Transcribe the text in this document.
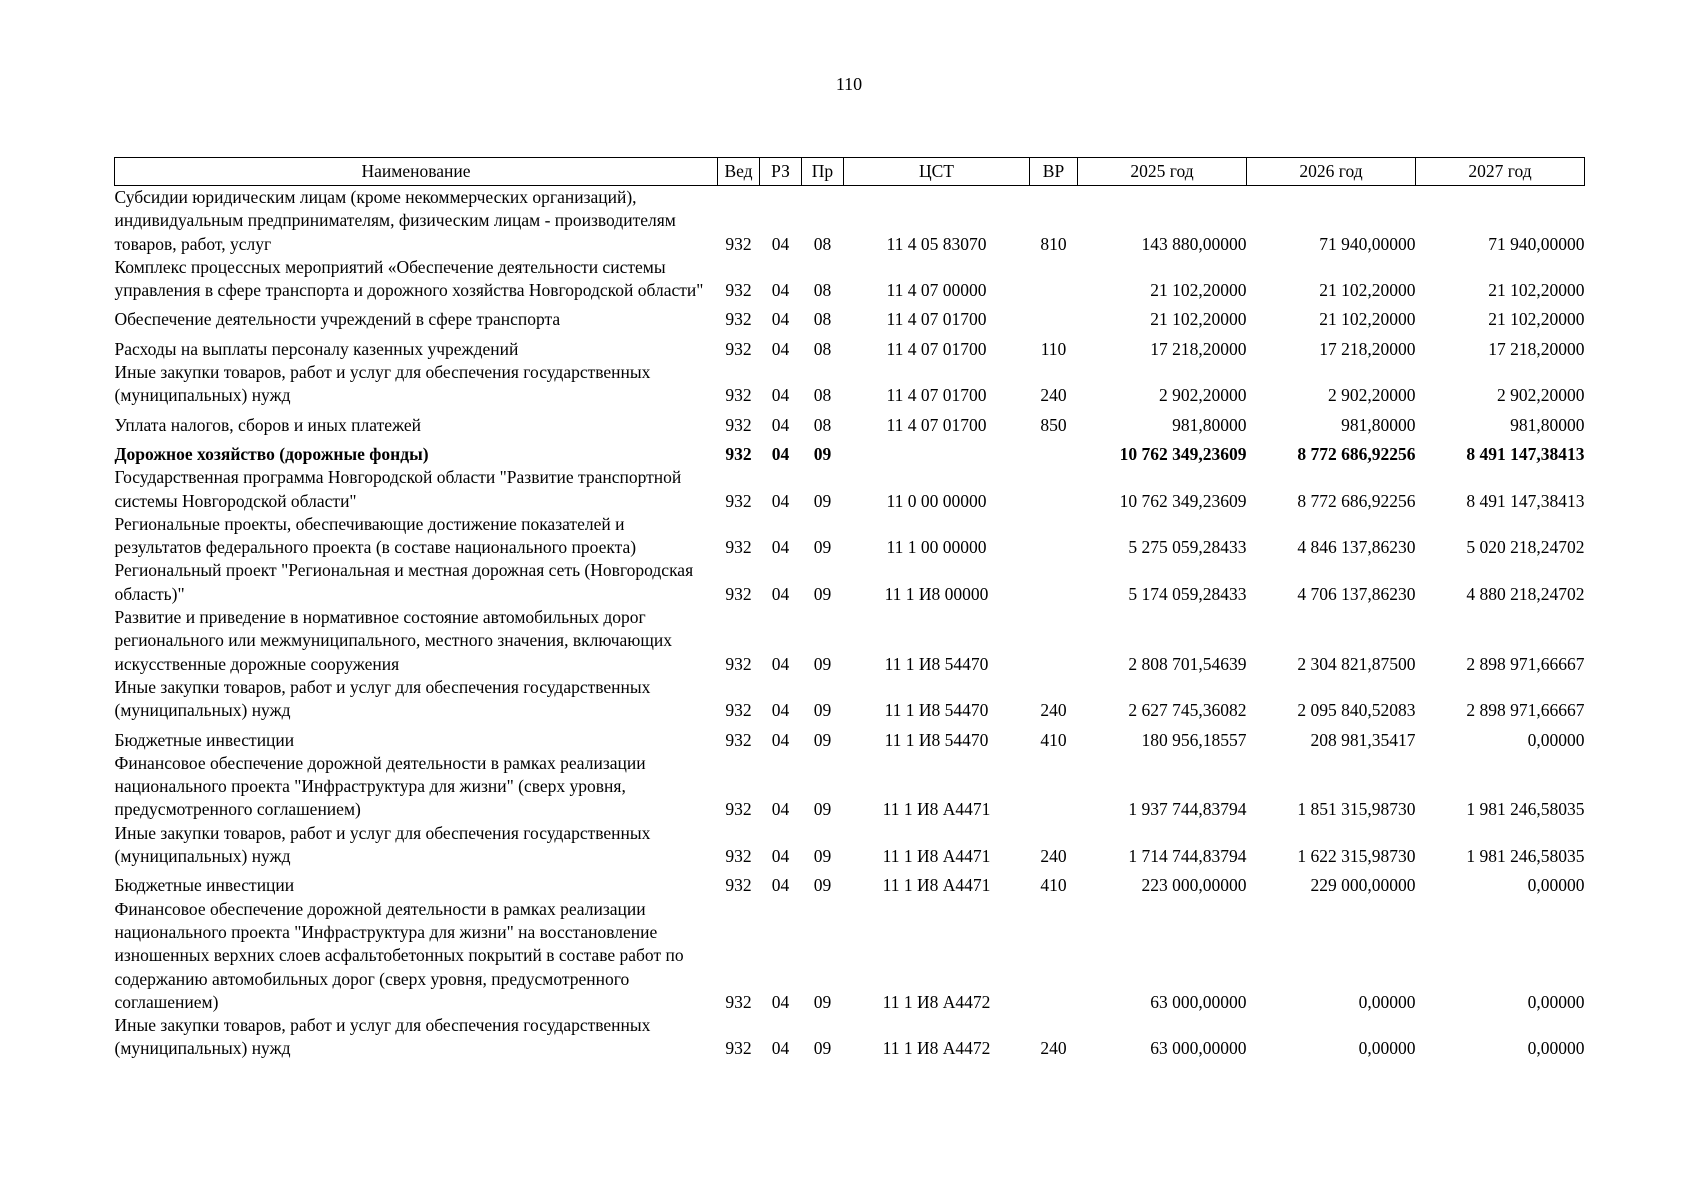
110
Наименование	Вед	РЗ	Пр	ЦСТ	ВР	2025 год	2026 год	2027 год
Субсидии юридическим лицам (кроме некоммерческих организаций), индивидуальным предпринимателям, физическим лицам - производителям товаров, работ, услуг	932	04	08	11 4 05 83070	810	143 880,00000	71 940,00000	71 940,00000
Комплекс процессных мероприятий «Обеспечение деятельности системы управления в сфере транспорта и дорожного хозяйства Новгородской области"	932	04	08	11 4 07 00000		21 102,20000	21 102,20000	21 102,20000
Обеспечение деятельности учреждений в сфере транспорта	932	04	08	11 4 07 01700		21 102,20000	21 102,20000	21 102,20000
Расходы на выплаты персоналу казенных учреждений	932	04	08	11 4 07 01700	110	17 218,20000	17 218,20000	17 218,20000
Иные закупки товаров, работ и услуг для обеспечения государственных (муниципальных) нужд	932	04	08	11 4 07 01700	240	2 902,20000	2 902,20000	2 902,20000
Уплата налогов, сборов и иных платежей	932	04	08	11 4 07 01700	850	981,80000	981,80000	981,80000
Дорожное хозяйство (дорожные фонды)	932	04	09			10 762 349,23609	8 772 686,92256	8 491 147,38413
Государственная программа Новгородской области "Развитие транспортной системы Новгородской области"	932	04	09	11 0 00 00000		10 762 349,23609	8 772 686,92256	8 491 147,38413
Региональные проекты, обеспечивающие достижение показателей и результатов федерального проекта (в составе национального проекта)	932	04	09	11 1 00 00000		5 275 059,28433	4 846 137,86230	5 020 218,24702
Региональный проект "Региональная и местная дорожная сеть (Новгородская область)"	932	04	09	11 1 И8 00000		5 174 059,28433	4 706 137,86230	4 880 218,24702
Развитие и приведение в нормативное состояние автомобильных дорог регионального или межмуниципального, местного значения, включающих искусственные дорожные сооружения	932	04	09	11 1 И8 54470		2 808 701,54639	2 304 821,87500	2 898 971,66667
Иные закупки товаров, работ и услуг для обеспечения государственных (муниципальных) нужд	932	04	09	11 1 И8 54470	240	2 627 745,36082	2 095 840,52083	2 898 971,66667
Бюджетные инвестиции	932	04	09	11 1 И8 54470	410	180 956,18557	208 981,35417	0,00000
Финансовое обеспечение дорожной деятельности в рамках реализации национального проекта "Инфраструктура для жизни" (сверх уровня, предусмотренного соглашением)	932	04	09	11 1 И8 А4471		1 937 744,83794	1 851 315,98730	1 981 246,58035
Иные закупки товаров, работ и услуг для обеспечения государственных (муниципальных) нужд	932	04	09	11 1 И8 А4471	240	1 714 744,83794	1 622 315,98730	1 981 246,58035
Бюджетные инвестиции	932	04	09	11 1 И8 А4471	410	223 000,00000	229 000,00000	0,00000
Финансовое обеспечение дорожной деятельности в рамках реализации национального проекта "Инфраструктура для жизни" на восстановление изношенных верхних слоев асфальтобетонных покрытий в составе работ по содержанию автомобильных дорог (сверх уровня, предусмотренного соглашением)	932	04	09	11 1 И8 А4472		63 000,00000	0,00000	0,00000
Иные закупки товаров, работ и услуг для обеспечения государственных (муниципальных) нужд	932	04	09	11 1 И8 А4472	240	63 000,00000	0,00000	0,00000
